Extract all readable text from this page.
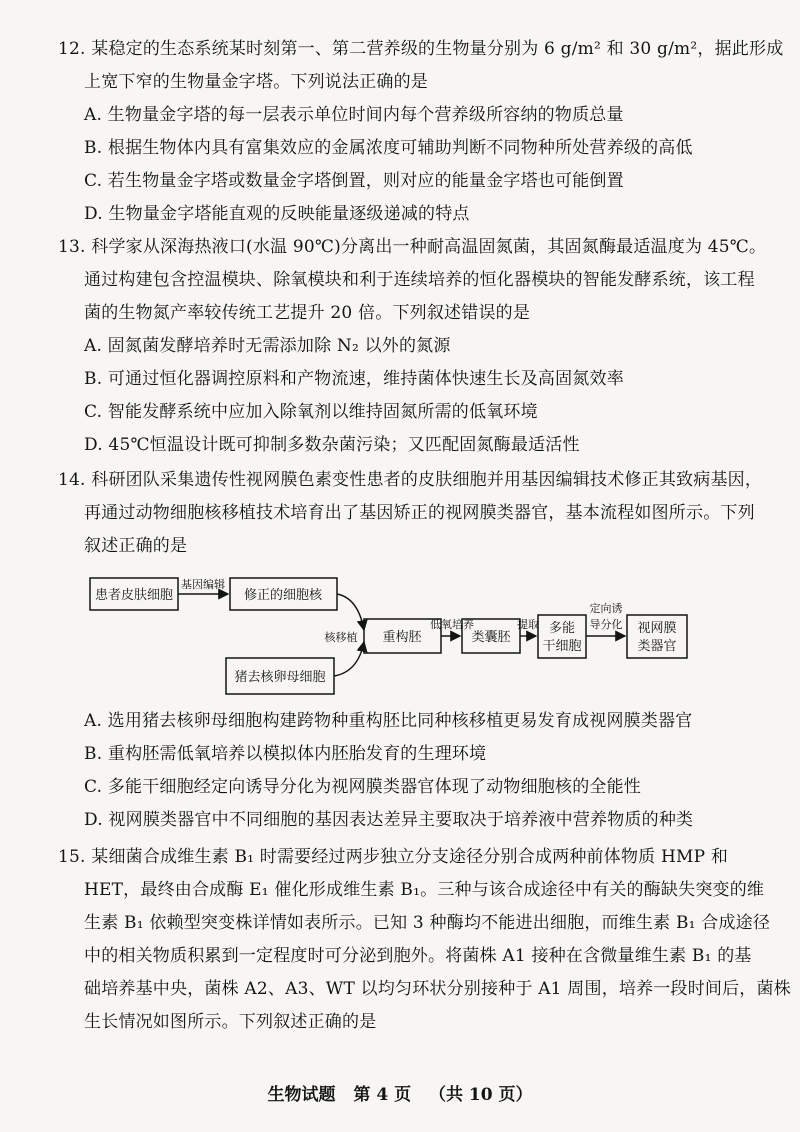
12. 某稳定的生态系统某时刻第一、第二营养级的生物量分别为 6 g/m² 和 30 g/m²，据此形成
上宽下窄的生物量金字塔。下列说法正确的是
A. 生物量金字塔的每一层表示单位时间内每个营养级所容纳的物质总量
B. 根据生物体内具有富集效应的金属浓度可辅助判断不同物种所处营养级的高低
C. 若生物量金字塔或数量金字塔倒置，则对应的能量金字塔也可能倒置
D. 生物量金字塔能直观的反映能量逐级递减的特点
13. 科学家从深海热液口(水温 90℃)分离出一种耐高温固氮菌，其固氮酶最适温度为 45℃。
通过构建包含控温模块、除氧模块和利于连续培养的恒化器模块的智能发酵系统，该工程
菌的生物氮产率较传统工艺提升 20 倍。下列叙述错误的是
A. 固氮菌发酵培养时无需添加除 N₂ 以外的氮源
B. 可通过恒化器调控原料和产物流速，维持菌体快速生长及高固氮效率
C. 智能发酵系统中应加入除氧剂以维持固氮所需的低氧环境
D. 45℃恒温设计既可抑制多数杂菌污染；又匹配固氮酶最适活性
14. 科研团队采集遗传性视网膜色素变性患者的皮肤细胞并用基因编辑技术修正其致病基因，
再通过动物细胞核移植技术培育出了基因矫正的视网膜类器官，基本流程如图所示。下列
叙述正确的是
患者皮肤细胞	修正的细胞核
重构胚	类囊胚
多能
干细胞
视网膜
类器官
猪去核卵母细胞
基因编辑
核移植
低氧培养	提取
定向诱
导分化
A. 选用猪去核卵母细胞构建跨物种重构胚比同种核移植更易发育成视网膜类器官
B. 重构胚需低氧培养以模拟体内胚胎发育的生理环境
C. 多能干细胞经定向诱导分化为视网膜类器官体现了动物细胞核的全能性
D. 视网膜类器官中不同细胞的基因表达差异主要取决于培养液中营养物质的种类
15. 某细菌合成维生素 B₁ 时需要经过两步独立分支途径分别合成两种前体物质 HMP 和
HET，最终由合成酶 E₁ 催化形成维生素 B₁。三种与该合成途径中有关的酶缺失突变的维
生素 B₁ 依赖型突变株详情如表所示。已知 3 种酶均不能进出细胞，而维生素 B₁ 合成途径
中的相关物质积累到一定程度时可分泌到胞外。将菌株 A1 接种在含微量维生素 B₁ 的基
础培养基中央，菌株 A2、A3、WT 以均匀环状分别接种于 A1 周围，培养一段时间后，菌株
生长情况如图所示。下列叙述正确的是
生物试题 第 4 页 （共 10 页）
